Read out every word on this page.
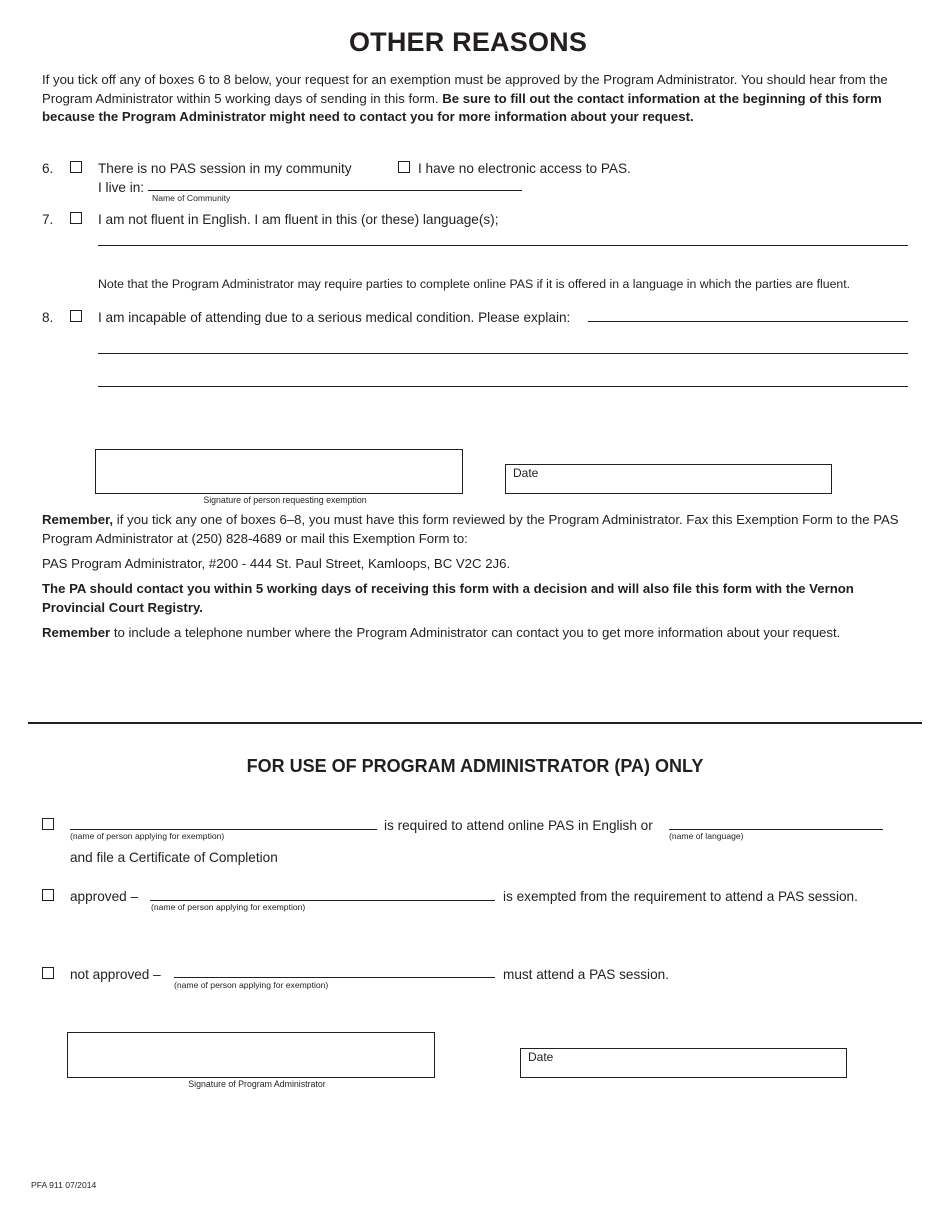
OTHER REASONS
If you tick off any of boxes 6 to 8 below, your request for an exemption must be approved by the Program Administrator. You should hear from the Program Administrator within 5 working days of sending in this form. Be sure to fill out the contact information at the beginning of this form because the Program Administrator might need to contact you for more information about your request.
6.	There is no PAS session in my community	I have no electronic access to PAS.
I live in:
Name of Community
7.	I am not fluent in English. I am fluent in this (or these) language(s);
Note that the Program Administrator may require parties to complete online PAS if it is offered in a language in which the parties are fluent.
8.	I am incapable of attending due to a serious medical condition. Please explain:
Signature of person requesting exemption
Date
Remember, if you tick any one of boxes 6–8, you must have this form reviewed by the Program Administrator. Fax this Exemption Form to the PAS Program Administrator at (250) 828-4689 or mail this Exemption Form to:
PAS Program Administrator, #200 - 444 St. Paul Street, Kamloops, BC V2C 2J6.
The PA should contact you within 5 working days of receiving this form with a decision and will also file this form with the Vernon Provincial Court Registry.
Remember to include a telephone number where the Program Administrator can contact you to get more information about your request.
FOR USE OF PROGRAM ADMINISTRATOR (PA) ONLY
(name of person applying for exemption)
is required to attend online PAS in English or
(name of language)
and file a Certificate of Completion
approved –
(name of person applying for exemption)
is exempted from the requirement to attend a PAS session.
not approved –
(name of person applying for exemption)
must attend a PAS session.
Signature of Program Administrator
Date
PFA 911 07/2014
